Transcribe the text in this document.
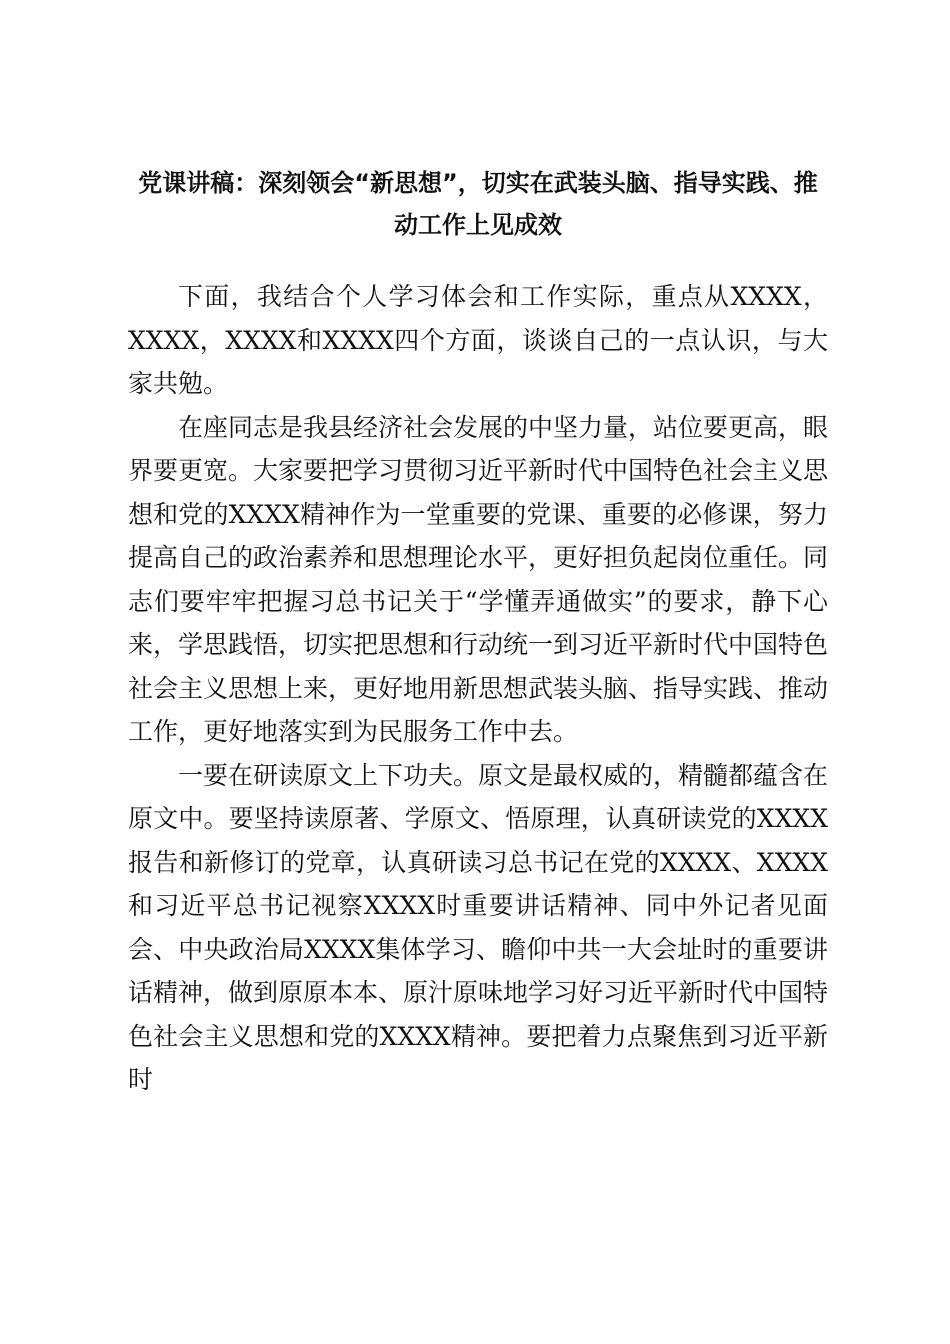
党课讲稿：深刻领会“新思想”，切实在武装头脑、指导实践、推动工作上见成效

下面，我结合个人学习体会和工作实际，重点从XXXX，XXXX，XXXX和XXXX四个方面，谈谈自己的一点认识，与大家共勉。

在座同志是我县经济社会发展的中坚力量，站位要更高，眼界要更宽。大家要把学习贯彻习近平新时代中国特色社会主义思想和党的XXXX精神作为一堂重要的党课、重要的必修课，努力提高自己的政治素养和思想理论水平，更好担负起岗位重任。同志们要牢牢把握习总书记关于“学懂弄通做实”的要求，静下心来，学思践悟，切实把思想和行动统一到习近平新时代中国特色社会主义思想上来，更好地用新思想武装头脑、指导实践、推动工作，更好地落实到为民服务工作中去。

一要在研读原文上下功夫。原文是最权威的，精髓都蕴含在原文中。要坚持读原著、学原文、悟原理，认真研读党的XXXX报告和新修订的党章，认真研读习总书记在党的XXXX、XXXX和习近平总书记视察XXXX时重要讲话精神、同中外记者见面会、中央政治局XXXX集体学习、瞻仰中共一大会址时的重要讲话精神，做到原原本本、原汁原味地学习好习近平新时代中国特色社会主义思想和党的XXXX精神。要把着力点聚焦到习近平新时
